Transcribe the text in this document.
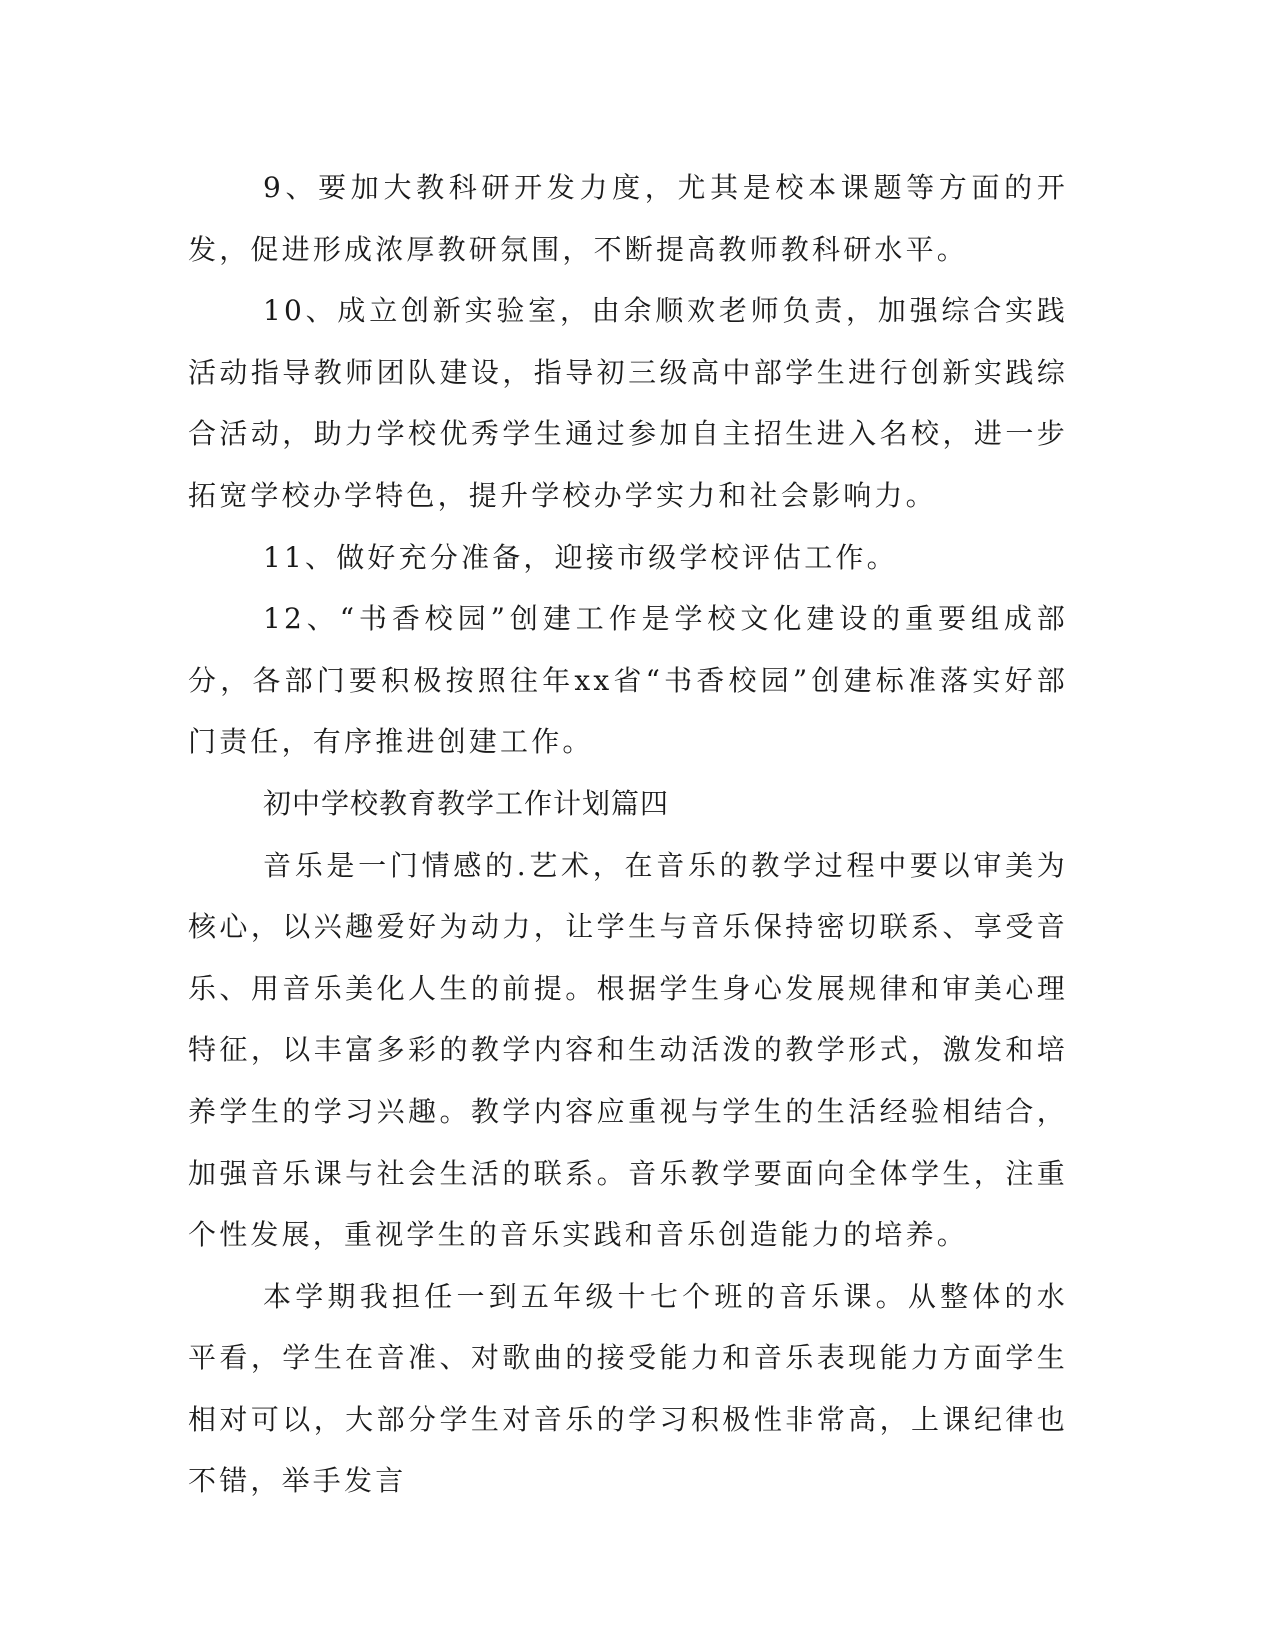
9、要加大教科研开发力度，尤其是校本课题等方面的开发，促进形成浓厚教研氛围，不断提高教师教科研水平。

10、成立创新实验室，由余顺欢老师负责，加强综合实践活动指导教师团队建设，指导初三级高中部学生进行创新实践综合活动，助力学校优秀学生通过参加自主招生进入名校，进一步拓宽学校办学特色，提升学校办学实力和社会影响力。

11、做好充分准备，迎接市级学校评估工作。

12、“书香校园”创建工作是学校文化建设的重要组成部分，各部门要积极按照往年xx省“书香校园”创建标准落实好部门责任，有序推进创建工作。

初中学校教育教学工作计划篇四

音乐是一门情感的.艺术，在音乐的教学过程中要以审美为核心，以兴趣爱好为动力，让学生与音乐保持密切联系、享受音乐、用音乐美化人生的前提。根据学生身心发展规律和审美心理特征，以丰富多彩的教学内容和生动活泼的教学形式，激发和培养学生的学习兴趣。教学内容应重视与学生的生活经验相结合，加强音乐课与社会生活的联系。音乐教学要面向全体学生，注重个性发展，重视学生的音乐实践和音乐创造能力的培养。

本学期我担任一到五年级十七个班的音乐课。从整体的水平看，学生在音准、对歌曲的接受能力和音乐表现能力方面学生相对可以，大部分学生对音乐的学习积极性非常高，上课纪律也不错，举手发言
